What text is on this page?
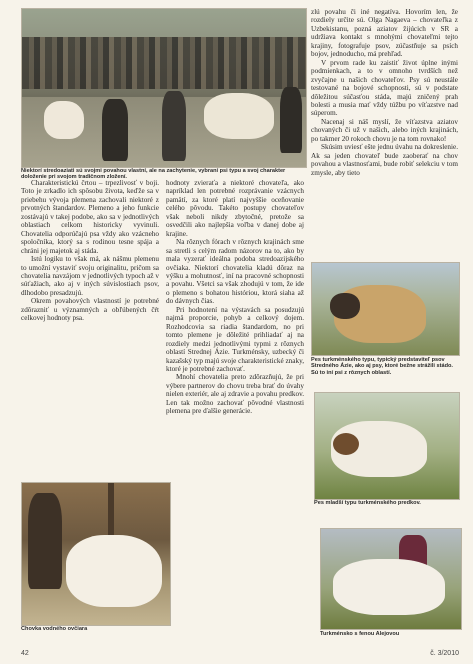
Niektorí stredoaziati sú svojmi povahou vlastní, ale na zachytenie, vybraní psi typu a svoj charakter doloženie pri svojom tradičnom zložení.

zlú povahu či iné negatíva. Hovorím len, že rozdiely určite sú. Olga Nagaeva – chovateľka z Uzbekistanu, pozná aziatov žijúcich v SR a udržiava kontakt s mnohými chovateľmi tejto krajiny, fotografuje psov, zúčastňuje sa psích bojov, jednoducho, má prehľad.

V prvom rade ku zaistiť život úplne inými podmienkach, a to v omnoho tvrdších než zvyčajne u našich chovateľov. Psy sú neustále testované na bojové schopnosti, sú v podstate dôležitou súčasťou stáda, majú zničený prah bolesti a musia mať vždy túžbu po víťazstve nad súperom.

Nacenaj si náš myslí, že víťazstva aziatov chovaných či už v našich, alebo iných krajinách, po takmer 20 rokoch chovu je na tom rovnako!

Skúsim uviesť ešte jednu úvahu na dokreslenie. Ak sa jeden chovateľ bude zaoberať na chov povahou a vlastnosťami, bude robiť selekciu v tom zmysle, aby tieto

Pes turkménského typu, typický predstaviteľ psov Stredného Ázie, ako aj psy, ktoré bežne strážili stádo. Sú to iní psi z rôznych oblastí.

Pes mladší typu turkménského predkov.

Charakteristickú črtou – trpezlivosť v boji. Toto je zrkadlo ich spôsobu života, keďže sa v priebehu vývoja plemena zachovali niektoré z prvotných štandardov. Plemeno a jeho funkcie zostávajú v takej podobe, ako sa v jednotlivých oblastiach celkom historicky vyvinuli. Chovatelia odporúčajú psa vždy ako vzácneho spoločníka, ktorý sa s rodinou tesne spája a chráni jej majetok aj stáda.

Istú logiku to však má, ak nášmu plemenu to umožní vystaviť svoju originalitu, pričom sa chovatelia navzájom v jednotlivých typoch až v súťažiach, ako aj v iných súvislostiach psov, dlhodobo presadzujú.

Okrem povahových vlastností je potrebné zdôrazniť u významných a obľúbených čŕt celkovej hodnoty psa.

hodnoty zvieraťa a niektoré chovateľa, ako napríklad len potrebné rozprávanie vzácnych pamätí, za ktoré platí najvyššie oceňovanie celého pôvodu. Takéto postupy chovateľov však neboli nikdy zbytočné, pretože sa osvedčili ako najlepšia voľba v danej dobe aj krajine.

Na rôznych fórach v rôznych krajinách sme sa stretli s celým radom názorov na to, ako by mala vyzerať ideálna podoba stredoazijského ovčiaka. Niektorí chovatelia kladú dôraz na výšku a mohutnosť, iní na pracovné schopnosti a povahu. Všetci sa však zhodujú v tom, že ide o plemeno s bohatou históriou, ktorá siaha až do dávnych čias.

Pri hodnotení na výstavách sa posudzujú najmä proporcie, pohyb a celkový dojem. Rozhodcovia sa riadia štandardom, no pri tomto plemene je dôležité prihliadať aj na rozdiely medzi jednotlivými typmi z rôznych oblastí Strednej Ázie. Turkménsky, uzbecký či kazašský typ majú svoje charakteristické znaky, ktoré je potrebné zachovať.

Mnohí chovatelia preto zdôrazňujú, že pri výbere partnerov do chovu treba brať do úvahy nielen exteriér, ale aj zdravie a povahu predkov. Len tak možno zachovať pôvodné vlastnosti plemena pre ďalšie generácie.

Chovka vodného ovčiara

Turkménsko s fenou Alejovou

42	č. 3/2010
